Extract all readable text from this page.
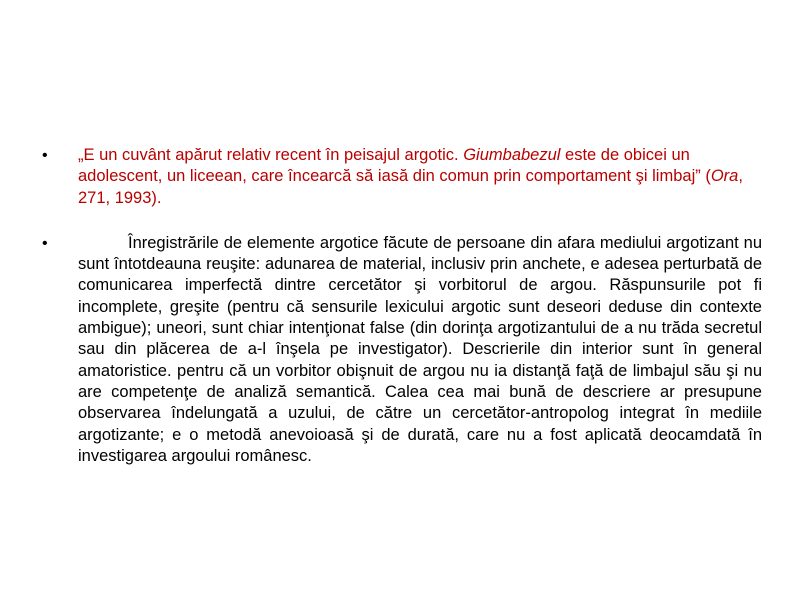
• „E un cuvânt apărut relativ recent în peisajul argotic. Giumbabezul este de obicei un adolescent, un liceean, care încearcă să iasă din comun prin comportament şi limbaj” (Ora, 271, 1993).
•	Înregistrările de elemente argotice făcute de persoane din afara mediului argotizant nu sunt întotdeauna reuşite: adunarea de material, inclusiv prin anchete, e adesea perturbată de comunicarea imperfectă dintre cercetător şi vorbitorul de argou. Răspunsurile pot fi incomplete, greşite (pentru că sensurile lexicului argotic sunt deseori deduse din contexte ambigue); uneori, sunt chiar intenţionat false (din dorinţa argotizantului de a nu trăda secretul sau din plăcerea de a-l înşela pe investigator). Descrierile din interior sunt în general amatoristice. pentru că un vorbitor obişnuit de argou nu ia distanţă faţă de limbajul său şi nu are competenţe de analiză semantică. Calea cea mai bună de descriere ar presupune observarea îndelungată a uzului, de către un cercetător-antropolog integrat în mediile argotizante; e o metodă anevoioasă şi de durată, care nu a fost aplicată deocamdată în investigarea argoului românesc.
